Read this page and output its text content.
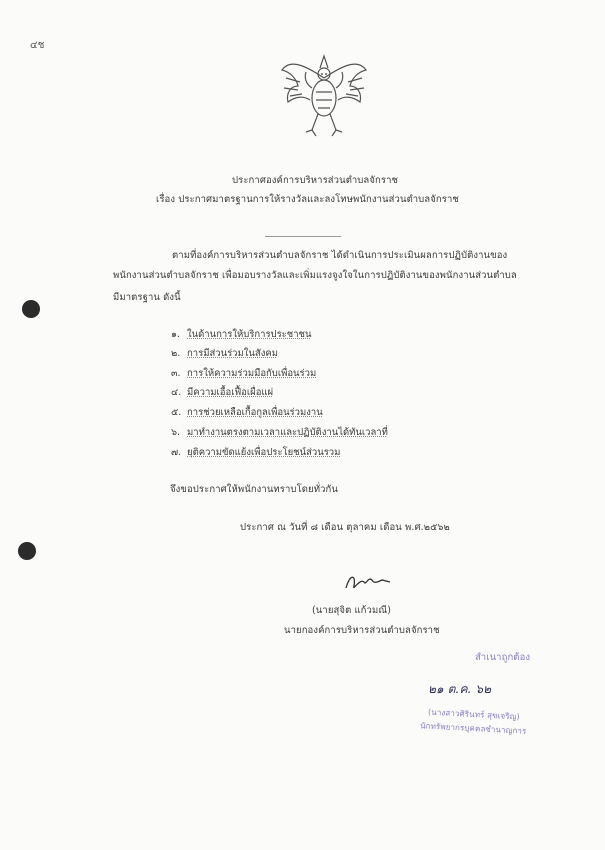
๔ช
ประกาศองค์การบริหารส่วนตำบลจักราช
เรื่อง ประกาศมาตรฐานการให้รางวัลและลงโทษพนักงานส่วนตำบลจักราช
ตามที่องค์การบริหารส่วนตำบลจักราช ได้ดำเนินการประเมินผลการปฏิบัติงานของ
พนักงานส่วนตำบลจักราช เพื่อมอบรางวัลและเพิ่มแรงจูงใจในการปฏิบัติงานของพนักงานส่วนตำบล
มีมาตรฐาน ดังนี้
๑. ในด้านการให้บริการประชาชน
๒. การมีส่วนร่วมในสังคม
๓. การให้ความร่วมมือกับเพื่อนร่วม
๔. มีความเอื้อเฟื้อเผื่อแผ่
๕. การช่วยเหลือเกื้อกูลเพื่อนร่วมงาน
๖. มาทำงานตรงตามเวลาและปฏิบัติงานได้ทันเวลาที่
๗. ยุติความขัดแย้งเพื่อประโยชน์ส่วนรวม
จึงขอประกาศให้พนักงานทราบโดยทั่วกัน
ประกาศ ณ วันที่ ๘ เดือน ตุลาคม เดือน พ.ศ.๒๕๖๒
(นายสุจิต แก้วมณี)
นายกองค์การบริหารส่วนตำบลจักราช
สำเนาถูกต้อง
๒๑ ต.ค. ๖๒
(นางสาวศิรินทร์ สุขเจริญ)
นักทรัพยากรบุคคลชำนาญการ
